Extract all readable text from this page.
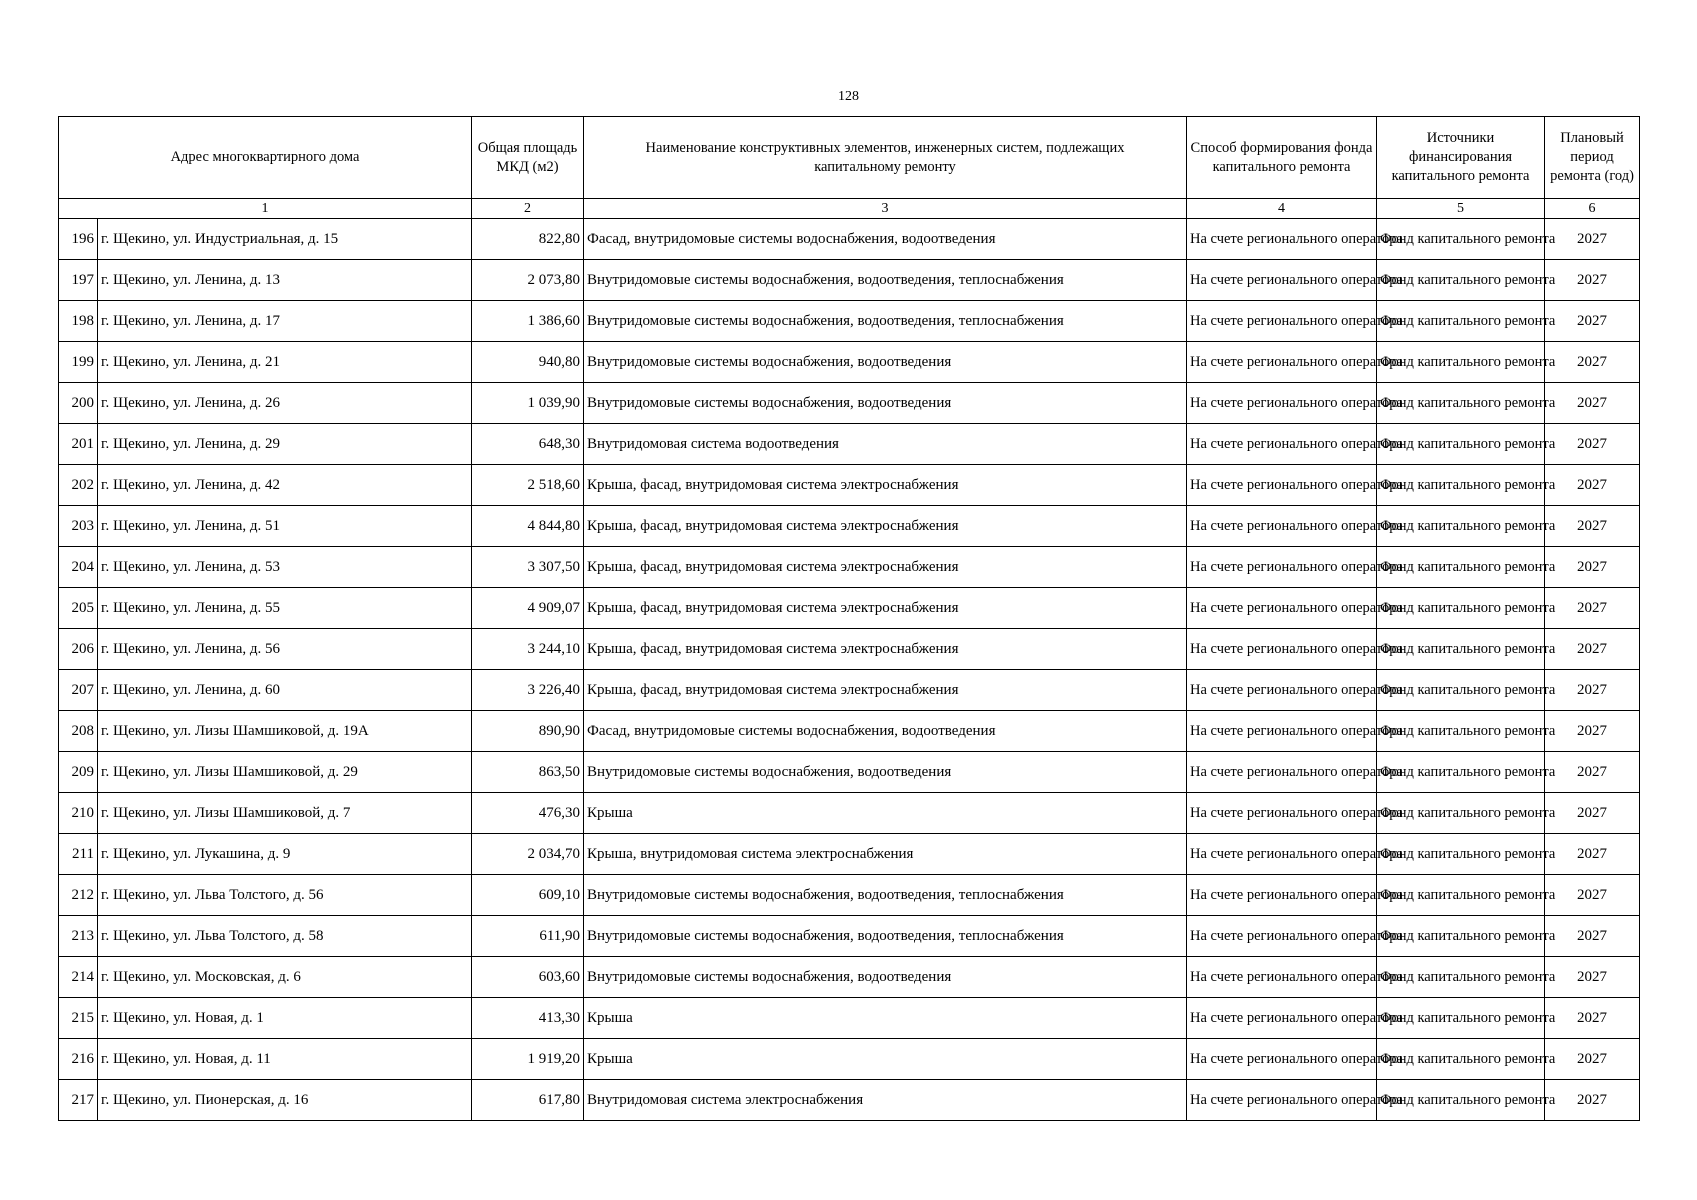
128
Адрес многоквартирного дома		Общая площадь МКД (м2)	Наименование конструктивных элементов, инженерных систем, подлежащих капитальному ремонту	Способ формирования фонда капитального ремонта	Источники финансирования капитального ремонта	Плановый период ремонта (год)
1		2	3	4	5	6
196	г. Щекино, ул. Индустриальная, д. 15	822,80	Фасад, внутридомовые системы водоснабжения, водоотведения	На счете регионального оператора	Фонд капитального ремонта	2027
197	г. Щекино, ул. Ленина, д. 13	2 073,80	Внутридомовые системы водоснабжения, водоотведения, теплоснабжения	На счете регионального оператора	Фонд капитального ремонта	2027
198	г. Щекино, ул. Ленина, д. 17	1 386,60	Внутридомовые системы водоснабжения, водоотведения, теплоснабжения	На счете регионального оператора	Фонд капитального ремонта	2027
199	г. Щекино, ул. Ленина, д. 21	940,80	Внутридомовые системы водоснабжения, водоотведения	На счете регионального оператора	Фонд капитального ремонта	2027
200	г. Щекино, ул. Ленина, д. 26	1 039,90	Внутридомовые системы водоснабжения, водоотведения	На счете регионального оператора	Фонд капитального ремонта	2027
201	г. Щекино, ул. Ленина, д. 29	648,30	Внутридомовая система водоотведения	На счете регионального оператора	Фонд капитального ремонта	2027
202	г. Щекино, ул. Ленина, д. 42	2 518,60	Крыша, фасад, внутридомовая система электроснабжения	На счете регионального оператора	Фонд капитального ремонта	2027
203	г. Щекино, ул. Ленина, д. 51	4 844,80	Крыша, фасад, внутридомовая система электроснабжения	На счете регионального оператора	Фонд капитального ремонта	2027
204	г. Щекино, ул. Ленина, д. 53	3 307,50	Крыша, фасад, внутридомовая система электроснабжения	На счете регионального оператора	Фонд капитального ремонта	2027
205	г. Щекино, ул. Ленина, д. 55	4 909,07	Крыша, фасад, внутридомовая система электроснабжения	На счете регионального оператора	Фонд капитального ремонта	2027
206	г. Щекино, ул. Ленина, д. 56	3 244,10	Крыша, фасад, внутридомовая система электроснабжения	На счете регионального оператора	Фонд капитального ремонта	2027
207	г. Щекино, ул. Ленина, д. 60	3 226,40	Крыша, фасад, внутридомовая система электроснабжения	На счете регионального оператора	Фонд капитального ремонта	2027
208	г. Щекино, ул. Лизы Шамшиковой, д. 19А	890,90	Фасад, внутридомовые системы водоснабжения, водоотведения	На счете регионального оператора	Фонд капитального ремонта	2027
209	г. Щекино, ул. Лизы Шамшиковой, д. 29	863,50	Внутридомовые системы водоснабжения, водоотведения	На счете регионального оператора	Фонд капитального ремонта	2027
210	г. Щекино, ул. Лизы Шамшиковой, д. 7	476,30	Крыша	На счете регионального оператора	Фонд капитального ремонта	2027
211	г. Щекино, ул. Лукашина, д. 9	2 034,70	Крыша, внутридомовая система электроснабжения	На счете регионального оператора	Фонд капитального ремонта	2027
212	г. Щекино, ул. Льва Толстого, д. 56	609,10	Внутридомовые системы водоснабжения, водоотведения, теплоснабжения	На счете регионального оператора	Фонд капитального ремонта	2027
213	г. Щекино, ул. Льва Толстого, д. 58	611,90	Внутридомовые системы водоснабжения, водоотведения, теплоснабжения	На счете регионального оператора	Фонд капитального ремонта	2027
214	г. Щекино, ул. Московская, д. 6	603,60	Внутридомовые системы водоснабжения, водоотведения	На счете регионального оператора	Фонд капитального ремонта	2027
215	г. Щекино, ул. Новая, д. 1	413,30	Крыша	На счете регионального оператора	Фонд капитального ремонта	2027
216	г. Щекино, ул. Новая, д. 11	1 919,20	Крыша	На счете регионального оператора	Фонд капитального ремонта	2027
217	г. Щекино, ул. Пионерская, д. 16	617,80	Внутридомовая система электроснабжения	На счете регионального оператора	Фонд капитального ремонта	2027
